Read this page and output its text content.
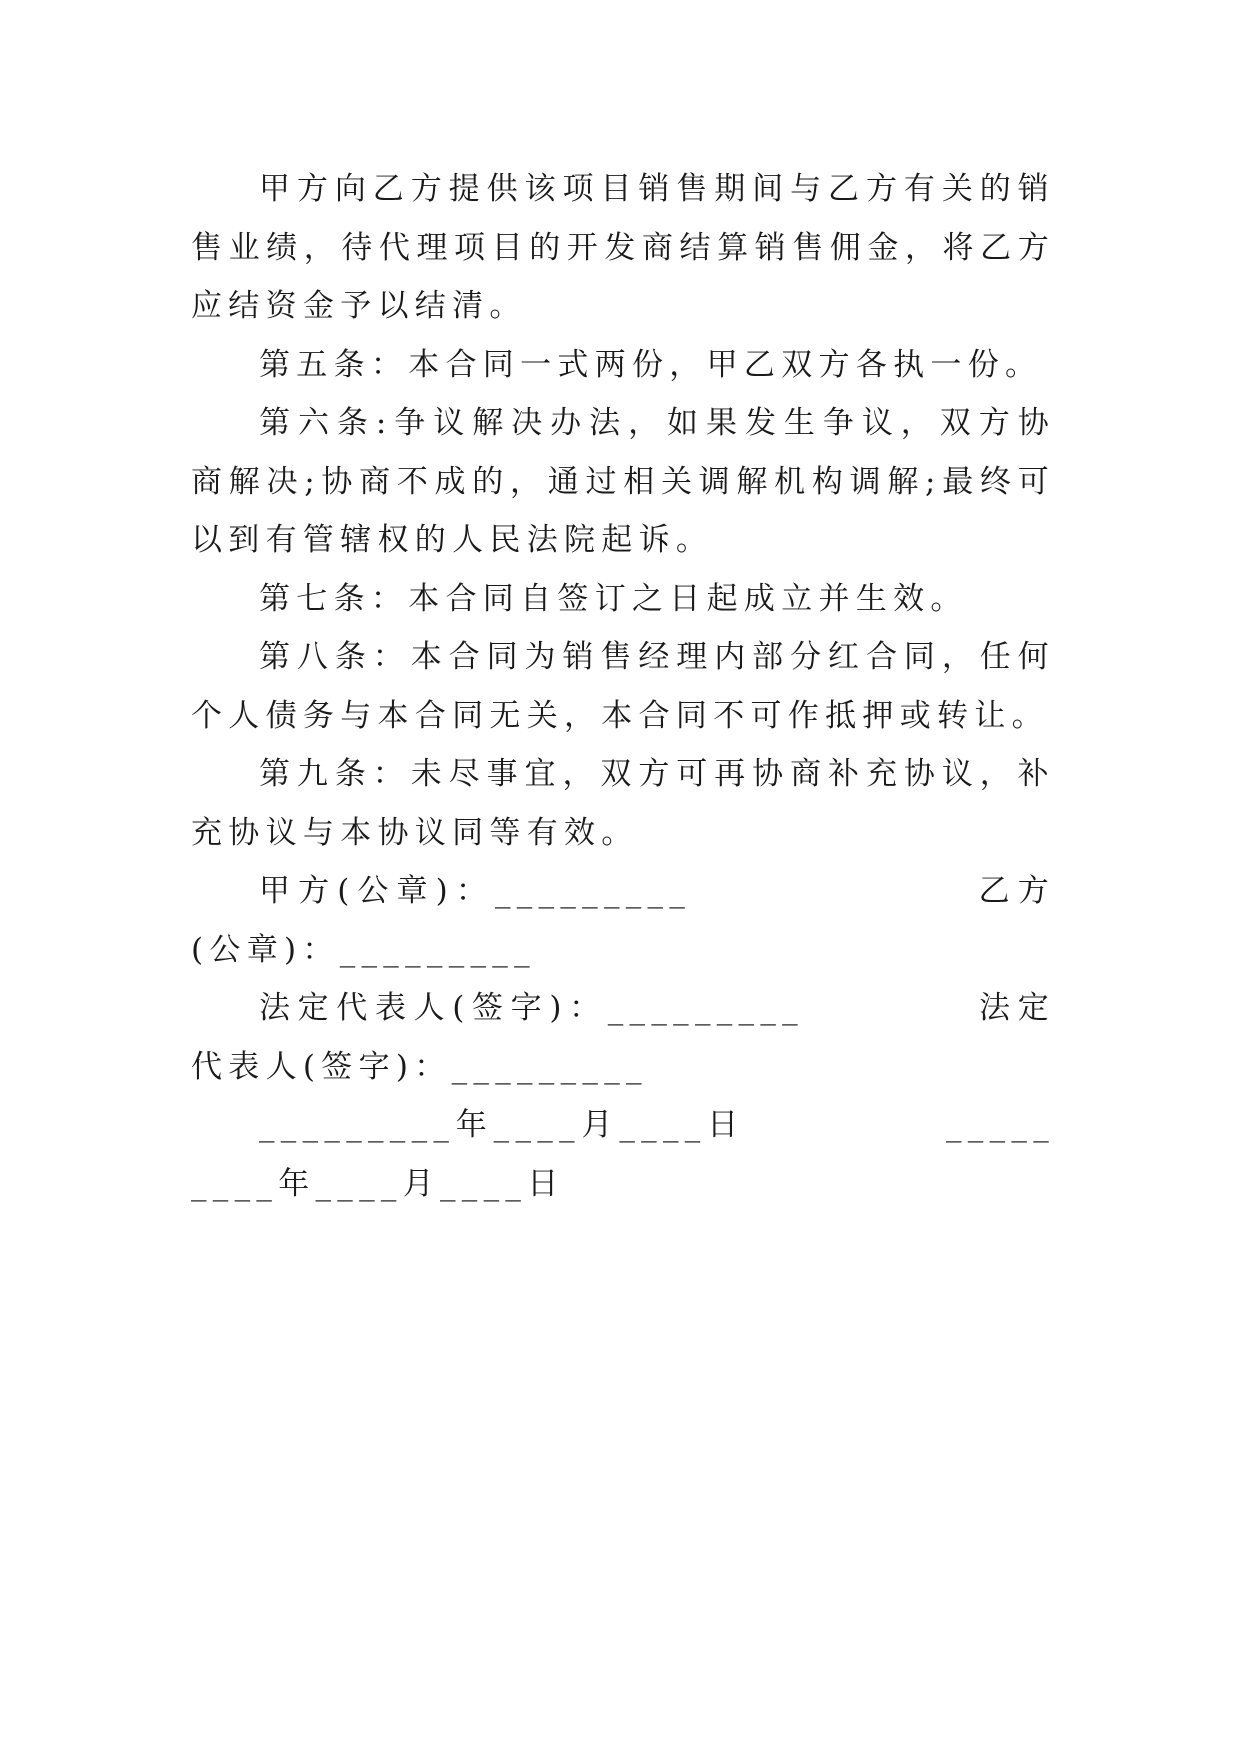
甲方向乙方提供该项目销售期间与乙方有关的销售业绩，待代理项目的开发商结算销售佣金，将乙方应结资金予以结清。

第五条：本合同一式两份，甲乙双方各执一份。

第六条:争议解决办法，如果发生争议，双方协商解决;协商不成的，通过相关调解机构调解;最终可以到有管辖权的人民法院起诉。

第七条：本合同自签订之日起成立并生效。

第八条：本合同为销售经理内部分红合同，任何个人债务与本合同无关，本合同不可作抵押或转让。

第九条：未尽事宜，双方可再协商补充协议，补充协议与本协议同等有效。

甲方(公章)：_________                乙方(公章)：_________

法定代表人(签字)：_________          法定代表人(签字)：_________

_________年____月____日            _________年____月____日
